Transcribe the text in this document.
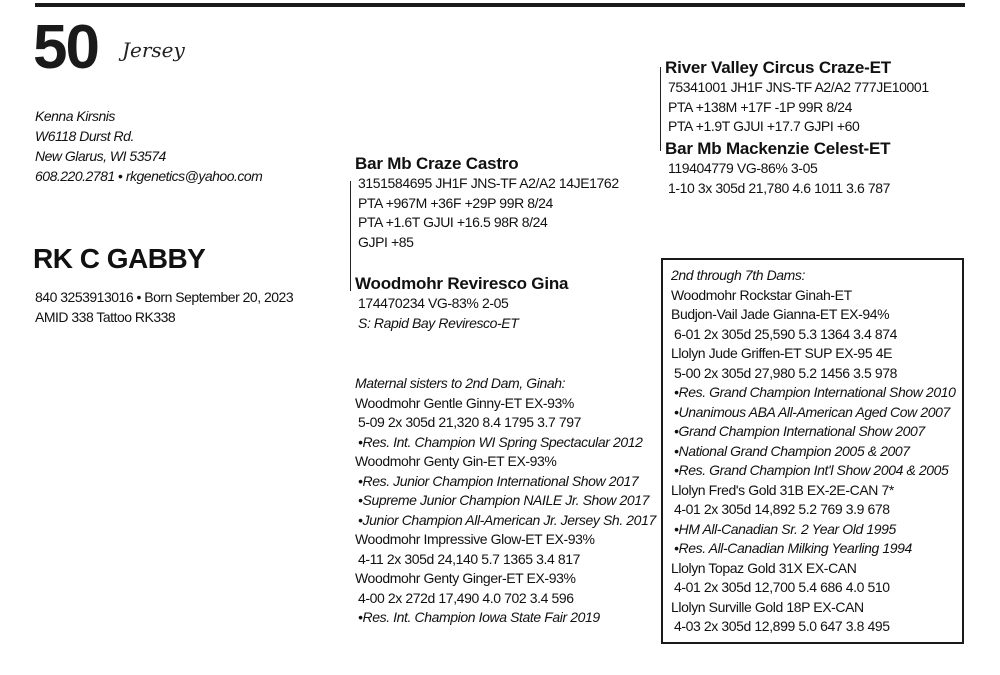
50 Jersey
Kenna Kirsnis
W6118 Durst Rd.
New Glarus, WI 53574
608.220.2781 • rkgenetics@yahoo.com
RK C GABBY
840 3253913016 • Born September 20, 2023
AMID 338 Tattoo RK338
Bar Mb Craze Castro
3151584695 JH1F JNS-TF A2/A2 14JE1762
PTA +967M +36F +29P 99R 8/24
PTA +1.6T GJUI +16.5 98R 8/24
GJPI +85
River Valley Circus Craze-ET
75341001 JH1F JNS-TF A2/A2 777JE10001
PTA +138M +17F -1P 99R 8/24
PTA +1.9T GJUI +17.7 GJPI +60
Bar Mb Mackenzie Celest-ET
119404779 VG-86% 3-05
1-10 3x 305d 21,780 4.6 1011 3.6 787
Woodmohr Reviresco Gina
174470234 VG-83% 2-05
S: Rapid Bay Reviresco-ET
Maternal sisters to 2nd Dam, Ginah:
Woodmohr Gentle Ginny-ET EX-93%
5-09 2x 305d 21,320 8.4 1795 3.7 797
•Res. Int. Champion WI Spring Spectacular 2012
Woodmohr Genty Gin-ET EX-93%
•Res. Junior Champion International Show 2017
•Supreme Junior Champion NAILE Jr. Show 2017
•Junior Champion All-American Jr. Jersey Sh. 2017
Woodmohr Impressive Glow-ET EX-93%
4-11 2x 305d 24,140 5.7 1365 3.4 817
Woodmohr Genty Ginger-ET EX-93%
4-00 2x 272d 17,490 4.0 702 3.4 596
•Res. Int. Champion Iowa State Fair 2019
2nd through 7th Dams:
Woodmohr Rockstar Ginah-ET
Budjon-Vail Jade Gianna-ET EX-94%
6-01 2x 305d 25,590 5.3 1364 3.4 874
Llolyn Jude Griffen-ET SUP EX-95 4E
5-00 2x 305d 27,980 5.2 1456 3.5 978
•Res. Grand Champion International Show 2010
•Unanimous ABA All-American Aged Cow 2007
•Grand Champion International Show 2007
•National Grand Champion 2005 & 2007
•Res. Grand Champion Int'l Show 2004 & 2005
Llolyn Fred's Gold 31B EX-2E-CAN 7*
4-01 2x 305d 14,892 5.2 769 3.9 678
•HM All-Canadian Sr. 2 Year Old 1995
•Res. All-Canadian Milking Yearling 1994
Llolyn Topaz Gold 31X EX-CAN
4-01 2x 305d 12,700 5.4 686 4.0 510
Llolyn Surville Gold 18P EX-CAN
4-03 2x 305d 12,899 5.0 647 3.8 495
